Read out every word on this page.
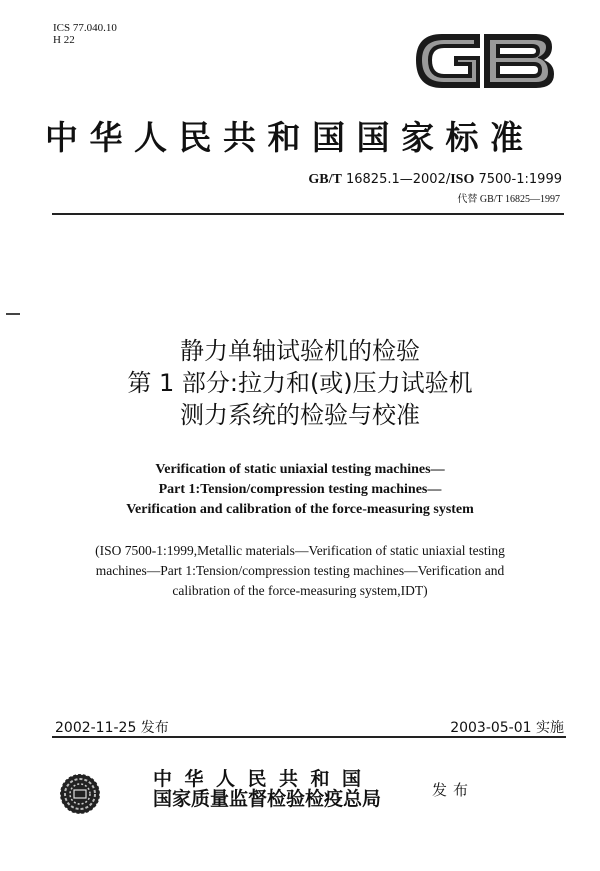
ICS 77.040.10
H 22
中华人民共和国国家标准
GB/T 16825.1—2002/ISO 7500-1:1999
代替 GB/T 16825—1997
静力单轴试验机的检验
第 1 部分:拉力和(或)压力试验机
测力系统的检验与校准
Verification of static uniaxial testing machines—
Part 1:Tension/compression testing machines—
Verification and calibration of the force-measuring system
(ISO 7500-1:1999,Metallic materials—Verification of static uniaxial testing
machines—Part 1:Tension/compression testing machines—Verification and
calibration of the force-measuring system,IDT)
2002-11-25 发布	2003-05-01 实施
中华人民共和国
国家质量监督检验检疫总局	发布
